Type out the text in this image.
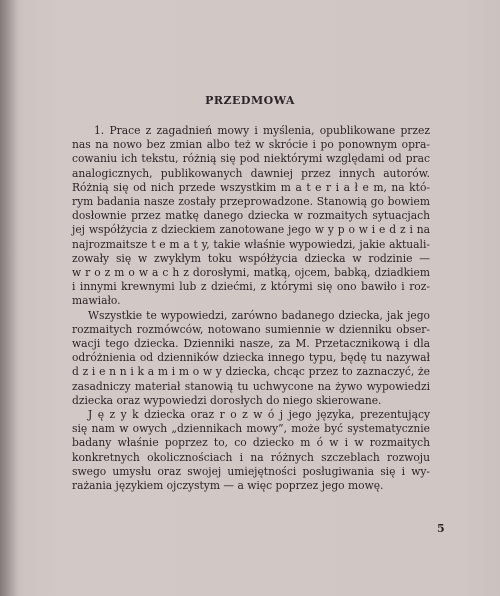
PRZEDMOWA
1. Prace z zagadnień mowy i myślenia, opublikowane przez
nas na nowo bez zmian albo też w skrócie i po ponownym opra-
cowaniu ich tekstu, różnią się pod niektórymi względami od prac
analogicznych, publikowanych dawniej przez innych autorów.
Różnią się od nich przede wszystkim m a t e r i a ł e m, na któ-
rym badania nasze zostały przeprowadzone. Stanowią go bowiem
dosłownie przez matkę danego dziecka w rozmaitych sytuacjach
jej współżycia z dzieckiem zanotowane jego w y p o w i e d z i na
najrozmaitsze t e m a t y, takie właśnie wypowiedzi, jakie aktuali-
zowały się w zwykłym toku współżycia dziecka w rodzinie —
w r o z m o w a c h z dorosłymi, matką, ojcem, babką, dziadkiem
i innymi krewnymi lub z dziećmi, z którymi się ono bawiło i roz-
mawiało.
Wszystkie te wypowiedzi, zarówno badanego dziecka, jak jego
rozmaitych rozmówców, notowano sumiennie w dzienniku obser-
wacji tego dziecka. Dzienniki nasze, za M. Przetacznikową i dla
odróżnienia od dzienników dziecka innego typu, będę tu nazywał
d z i e n n i k a m i m o w y dziecka, chcąc przez to zaznaczyć, że
zasadniczy materiał stanowią tu uchwycone na żywo wypowiedzi
dziecka oraz wypowiedzi dorosłych do niego skierowane.
J ę z y k dziecka oraz r o z w ó j jego języka, prezentujący
się nam w owych „dziennikach mowy”, może być systematycznie
badany właśnie poprzez to, co dziecko m ó w i w rozmaitych
konkretnych okolicznościach i na różnych szczeblach rozwoju
swego umysłu oraz swojej umiejętności posługiwania się i wy-
rażania językiem ojczystym — a więc poprzez jego mowę.
5
